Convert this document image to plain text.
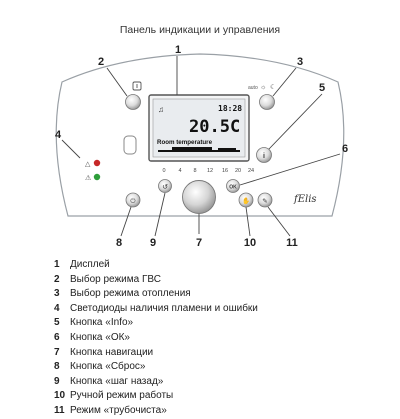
Панель индикации и управления
♫	18:28
20.5C
Room temperature
0 4 8 12 16 20 24
auto ☼ ☾
i
△
⚠
OK
↺
⏻	✋ ✎	fElis
1
2	3
4
5
6
7
8	9	10	11
1 Дисплей
2 Выбор режима ГВС
3 Выбор режима отопления
4 Светодиоды наличия пламени и ошибки
5 Кнопка «Info»
6 Кнопка «ОК»
7 Кнопка навигации
8 Кнопка «Сброс»
9 Кнопка «шаг назад»
10 Ручной режим работы
11 Режим «трубочиста»
